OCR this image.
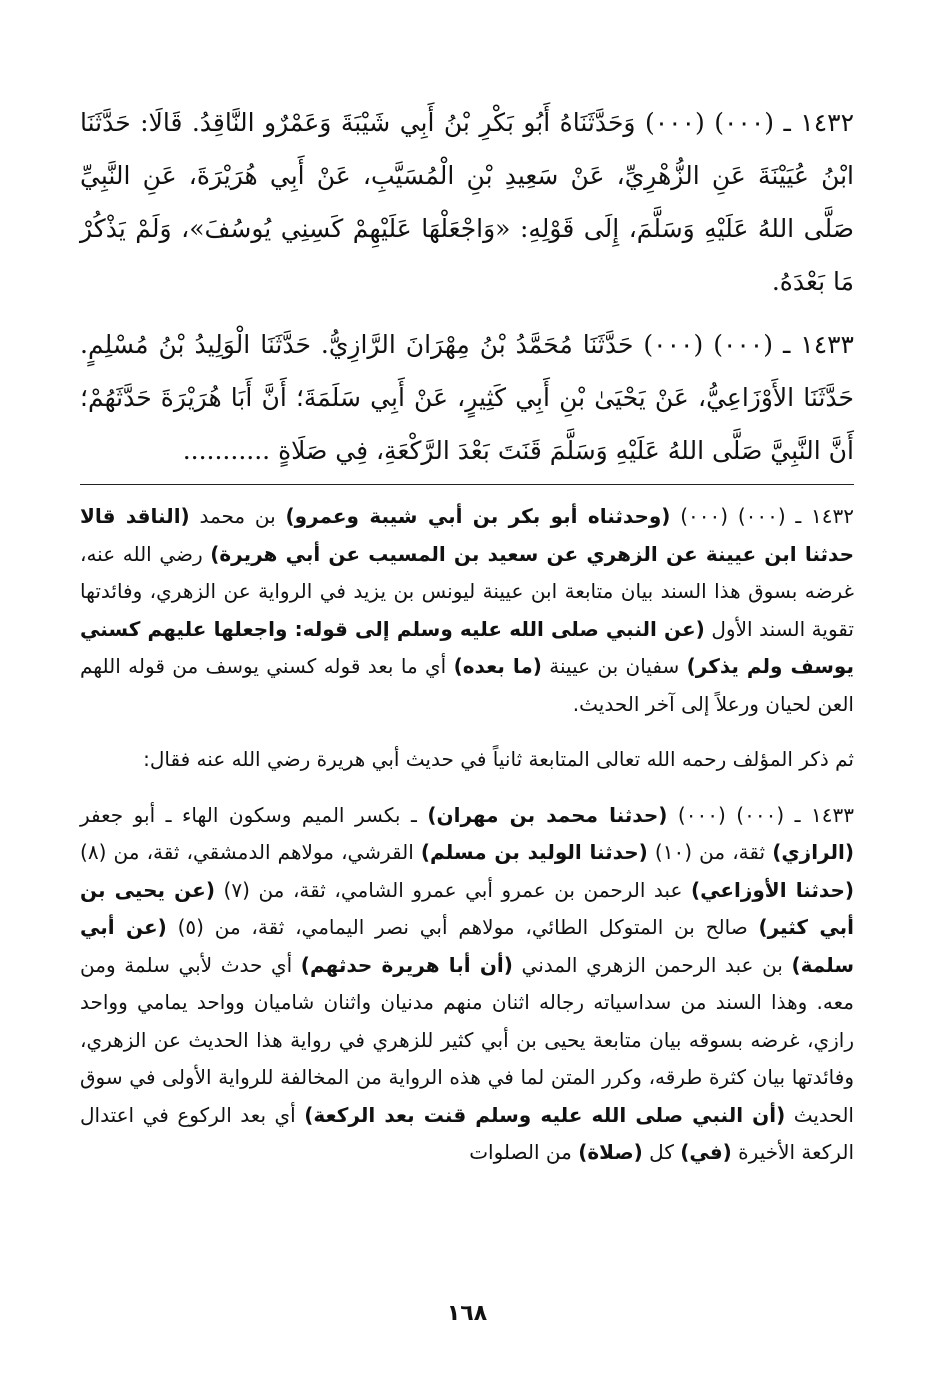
١٤٣٢ ـ (٠٠٠) (٠٠٠) وَحَدَّثَنَاهُ أَبُو بَكْرِ بْنُ أَبِي شَيْبَةَ وَعَمْرٌو النَّاقِدُ. قَالَا: حَدَّثَنَا ابْنُ عُيَيْنَةَ عَنِ الزُّهْرِيِّ، عَنْ سَعِيدِ بْنِ الْمُسَيَّبِ، عَنْ أَبِي هُرَيْرَةَ، عَنِ النَّبِيِّ صَلَّى اللهُ عَلَيْهِ وَسَلَّمَ، إِلَى قَوْلِهِ: «وَاجْعَلْهَا عَلَيْهِمْ كَسِنِي يُوسُفَ»، وَلَمْ يَذْكُرْ مَا بَعْدَهُ.

١٤٣٣ ـ (٠٠٠) (٠٠٠) حَدَّثَنَا مُحَمَّدُ بْنُ مِهْرَانَ الرَّازِيُّ. حَدَّثَنَا الْوَلِيدُ بْنُ مُسْلِمٍ. حَدَّثَنَا الأَوْزَاعِيُّ، عَنْ يَحْيَىٰ بْنِ أَبِي كَثِيرٍ، عَنْ أَبِي سَلَمَةَ؛ أَنَّ أَبَا هُرَيْرَةَ حَدَّثَهُمْ؛ أَنَّ النَّبِيَّ صَلَّى اللهُ عَلَيْهِ وَسَلَّمَ قَنَتَ بَعْدَ الرَّكْعَةِ، فِي صَلَاةٍ ...........

١٤٣٢ ـ (٠٠٠) (٠٠٠) (وحدثناه أبو بكر بن أبي شيبة وعمرو) بن محمد (الناقد قالا حدثنا ابن عيينة عن الزهري عن سعيد بن المسيب عن أبي هريرة) رضي الله عنه، غرضه بسوق هذا السند بيان متابعة ابن عيينة ليونس بن يزيد في الرواية عن الزهري، وفائدتها تقوية السند الأول (عن النبي صلى الله عليه وسلم إلى قوله: واجعلها عليهم كسني يوسف ولم يذكر) سفيان بن عيينة (ما بعده) أي ما بعد قوله كسني يوسف من قوله اللهم العن لحيان ورعلاً إلى آخر الحديث.

ثم ذكر المؤلف رحمه الله تعالى المتابعة ثانياً في حديث أبي هريرة رضي الله عنه فقال:

١٤٣٣ ـ (٠٠٠) (٠٠٠) (حدثنا محمد بن مهران) ـ بكسر الميم وسكون الهاء ـ أبو جعفر (الرازي) ثقة، من (١٠) (حدثنا الوليد بن مسلم) القرشي، مولاهم الدمشقي، ثقة، من (٨) (حدثنا الأوزاعي) عبد الرحمن بن عمرو أبي عمرو الشامي، ثقة، من (٧) (عن يحيى بن أبي كثير) صالح بن المتوكل الطائي، مولاهم أبي نصر اليمامي، ثقة، من (٥) (عن أبي سلمة) بن عبد الرحمن الزهري المدني (أن أبا هريرة حدثهم) أي حدث لأبي سلمة ومن معه. وهذا السند من سداسياته رجاله اثنان منهم مدنيان واثنان شاميان وواحد يمامي وواحد رازي، غرضه بسوقه بيان متابعة يحيى بن أبي كثير للزهري في رواية هذا الحديث عن الزهري، وفائدتها بيان كثرة طرقه، وكرر المتن لما في هذه الرواية من المخالفة للرواية الأولى في سوق الحديث (أن النبي صلى الله عليه وسلم قنت بعد الركعة) أي بعد الركوع في اعتدال الركعة الأخيرة (في) كل (صلاة) من الصلوات

١٦٨
